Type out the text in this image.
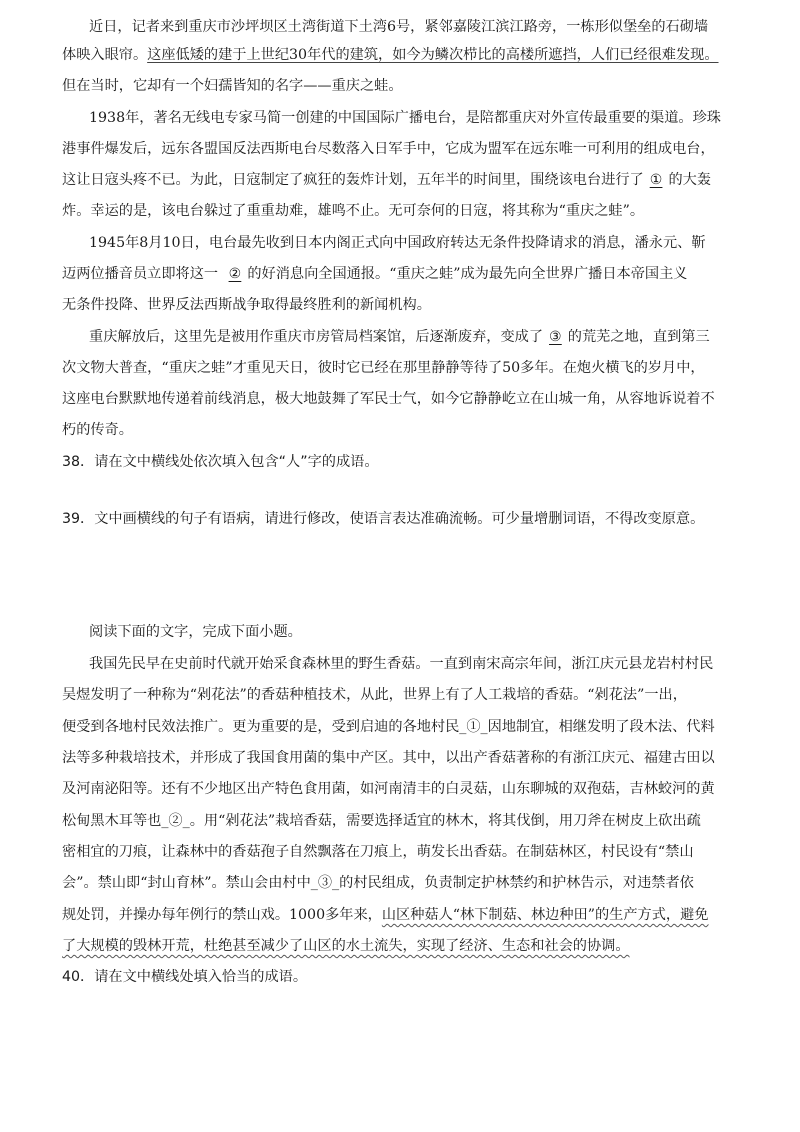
近日，记者来到重庆市沙坪坝区土湾街道下土湾6号，紧邻嘉陵江滨江路旁，一栋形似堡垒的石砌墙
体映入眼帘。这座低矮的建于上世纪30年代的建筑，如今为鳞次栉比的高楼所遮挡，人们已经很难发现。
但在当时，它却有一个妇孺皆知的名字——重庆之蛙。
1938年，著名无线电专家马简一创建的中国国际广播电台，是陪都重庆对外宣传最重要的渠道。珍珠
港事件爆发后，远东各盟国反法西斯电台尽数落入日军手中，它成为盟军在远东唯一可利用的组成电台，
这让日寇头疼不已。为此，日寇制定了疯狂的轰炸计划，五年半的时间里，围绕该电台进行了 ① 的大轰
炸。幸运的是，该电台躲过了重重劫难，雄鸣不止。无可奈何的日寇，将其称为“重庆之蛙”。
1945年8月10日，电台最先收到日本内阁正式向中国政府转达无条件投降请求的消息，潘永元、靳
迈两位播音员立即将这一 ② 的好消息向全国通报。“重庆之蛙”成为最先向全世界广播日本帝国主义
无条件投降、世界反法西斯战争取得最终胜利的新闻机构。
重庆解放后，这里先是被用作重庆市房管局档案馆，后逐渐废弃，变成了 ③ 的荒芜之地，直到第三
次文物大普查，“重庆之蛙”才重见天日，彼时它已经在那里静静等待了50多年。在炮火横飞的岁月中，
这座电台默默地传递着前线消息，极大地鼓舞了军民士气，如今它静静屹立在山城一角，从容地诉说着不
朽的传奇。
38．请在文中横线处依次填入包含“人”字的成语。
39．文中画横线的句子有语病，请进行修改，使语言表达准确流畅。可少量增删词语，不得改变原意。
阅读下面的文字，完成下面小题。
我国先民早在史前时代就开始采食森林里的野生香菇。一直到南宋高宗年间，浙江庆元县龙岩村村民
吴煜发明了一种称为“剁花法”的香菇种植技术，从此，世界上有了人工栽培的香菇。“剁花法”一出，
便受到各地村民效法推广。更为重要的是，受到启迪的各地村民_①_因地制宜，相继发明了段木法、代料
法等多种栽培技术，并形成了我国食用菌的集中产区。其中，以出产香菇著称的有浙江庆元、福建古田以
及河南泌阳等。还有不少地区出产特色食用菌，如河南清丰的白灵菇，山东聊城的双孢菇，吉林蛟河的黄
松甸黑木耳等也_②_。用“剁花法”栽培香菇，需要选择适宜的林木，将其伐倒，用刀斧在树皮上砍出疏
密相宜的刀痕，让森林中的香菇孢子自然飘落在刀痕上，萌发长出香菇。在制菇林区，村民设有“禁山
会”。禁山即“封山育林”。禁山会由村中_③_的村民组成，负责制定护林禁约和护林告示，对违禁者依
规处罚，并操办每年例行的禁山戏。1000多年来，山区种菇人“林下制菇、林边种田”的生产方式，避免
了大规模的毁林开荒，杜绝甚至减少了山区的水土流失，实现了经济、生态和社会的协调。
40．请在文中横线处填入恰当的成语。
